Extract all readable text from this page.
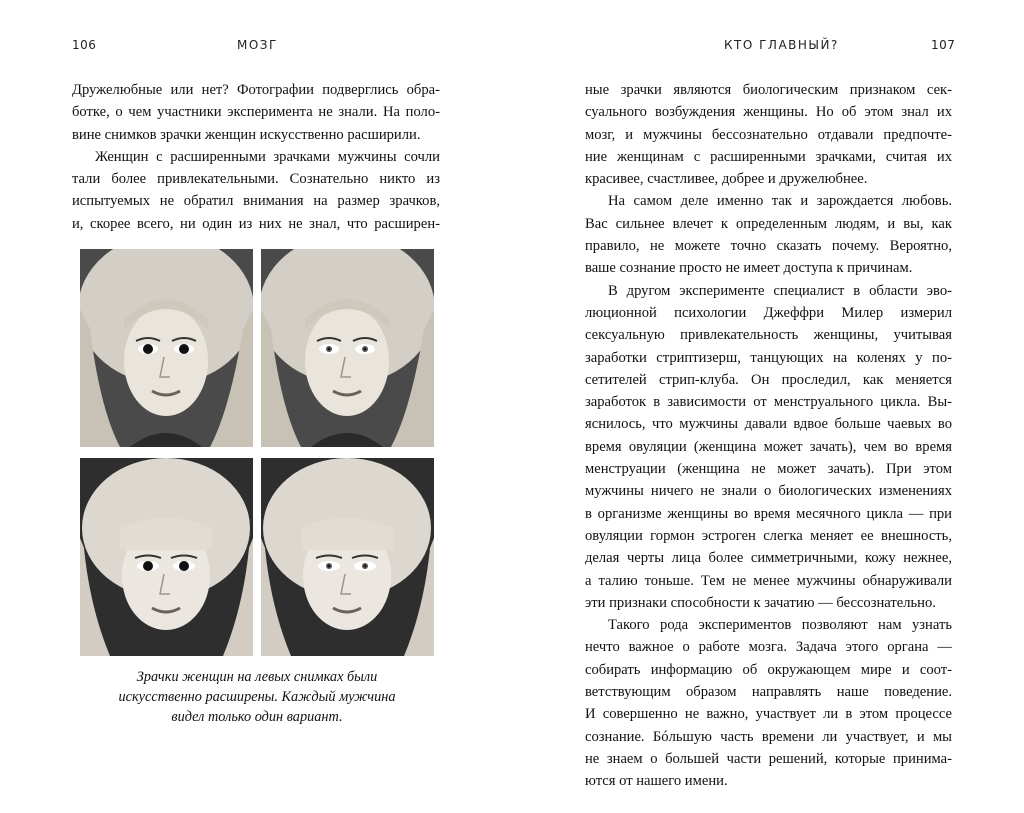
106	МОЗГ
Дружелюбные или нет? Фотографии подверглись обра-
ботке, о чем участники эксперимента не знали. На поло-
вине снимков зрачки женщин искусственно расширили.
Женщин с расширенными зрачками мужчины сочли
тали более привлекательными. Сознательно никто из
испытуемых не обратил внимания на размер зрачков,
и, скорее всего, ни один из них не знал, что расширен-
Зрачки женщин на левых снимках были
искусственно расширены. Каждый мужчина
видел только один вариант.
КТО ГЛАВНЫЙ?	107
ные зрачки являются биологическим признаком сек-
суального возбуждения женщины. Но об этом знал их
мозг, и мужчины бессознательно отдавали предпочте-
ние женщинам с расширенными зрачками, считая их
красивее, счастливее, добрее и дружелюбнее.
На самом деле именно так и зарождается любовь.
Вас сильнее влечет к определенным людям, и вы, как
правило, не можете точно сказать почему. Вероятно,
ваше сознание просто не имеет доступа к причинам.
В другом эксперименте специалист в области эво-
люционной психологии Джеффри Милер измерил
сексуальную привлекательность женщины, учитывая
заработки стриптизерш, танцующих на коленях у по-
сетителей стрип-клуба. Он проследил, как меняется
заработок в зависимости от менструального цикла. Вы-
яснилось, что мужчины давали вдвое больше чаевых во
время овуляции (женщина может зачать), чем во время
менструации (женщина не может зачать). При этом
мужчины ничего не знали о биологических изменениях
в организме женщины во время месячного цикла — при
овуляции гормон эстроген слегка меняет ее внешность,
делая черты лица более симметричными, кожу нежнее,
а талию тоньше. Тем не менее мужчины обнаруживали
эти признаки способности к зачатию — бессознательно.
Такого рода экспериментов позволяют нам узнать
нечто важное о работе мозга. Задача этого органа —
собирать информацию об окружающем мире и соот-
ветствующим образом направлять наше поведение.
И совершенно не важно, участвует ли в этом процессе
сознание. Бóльшую часть времени ли участвует, и мы
не знаем о большей части решений, которые принима-
ются от нашего имени.
